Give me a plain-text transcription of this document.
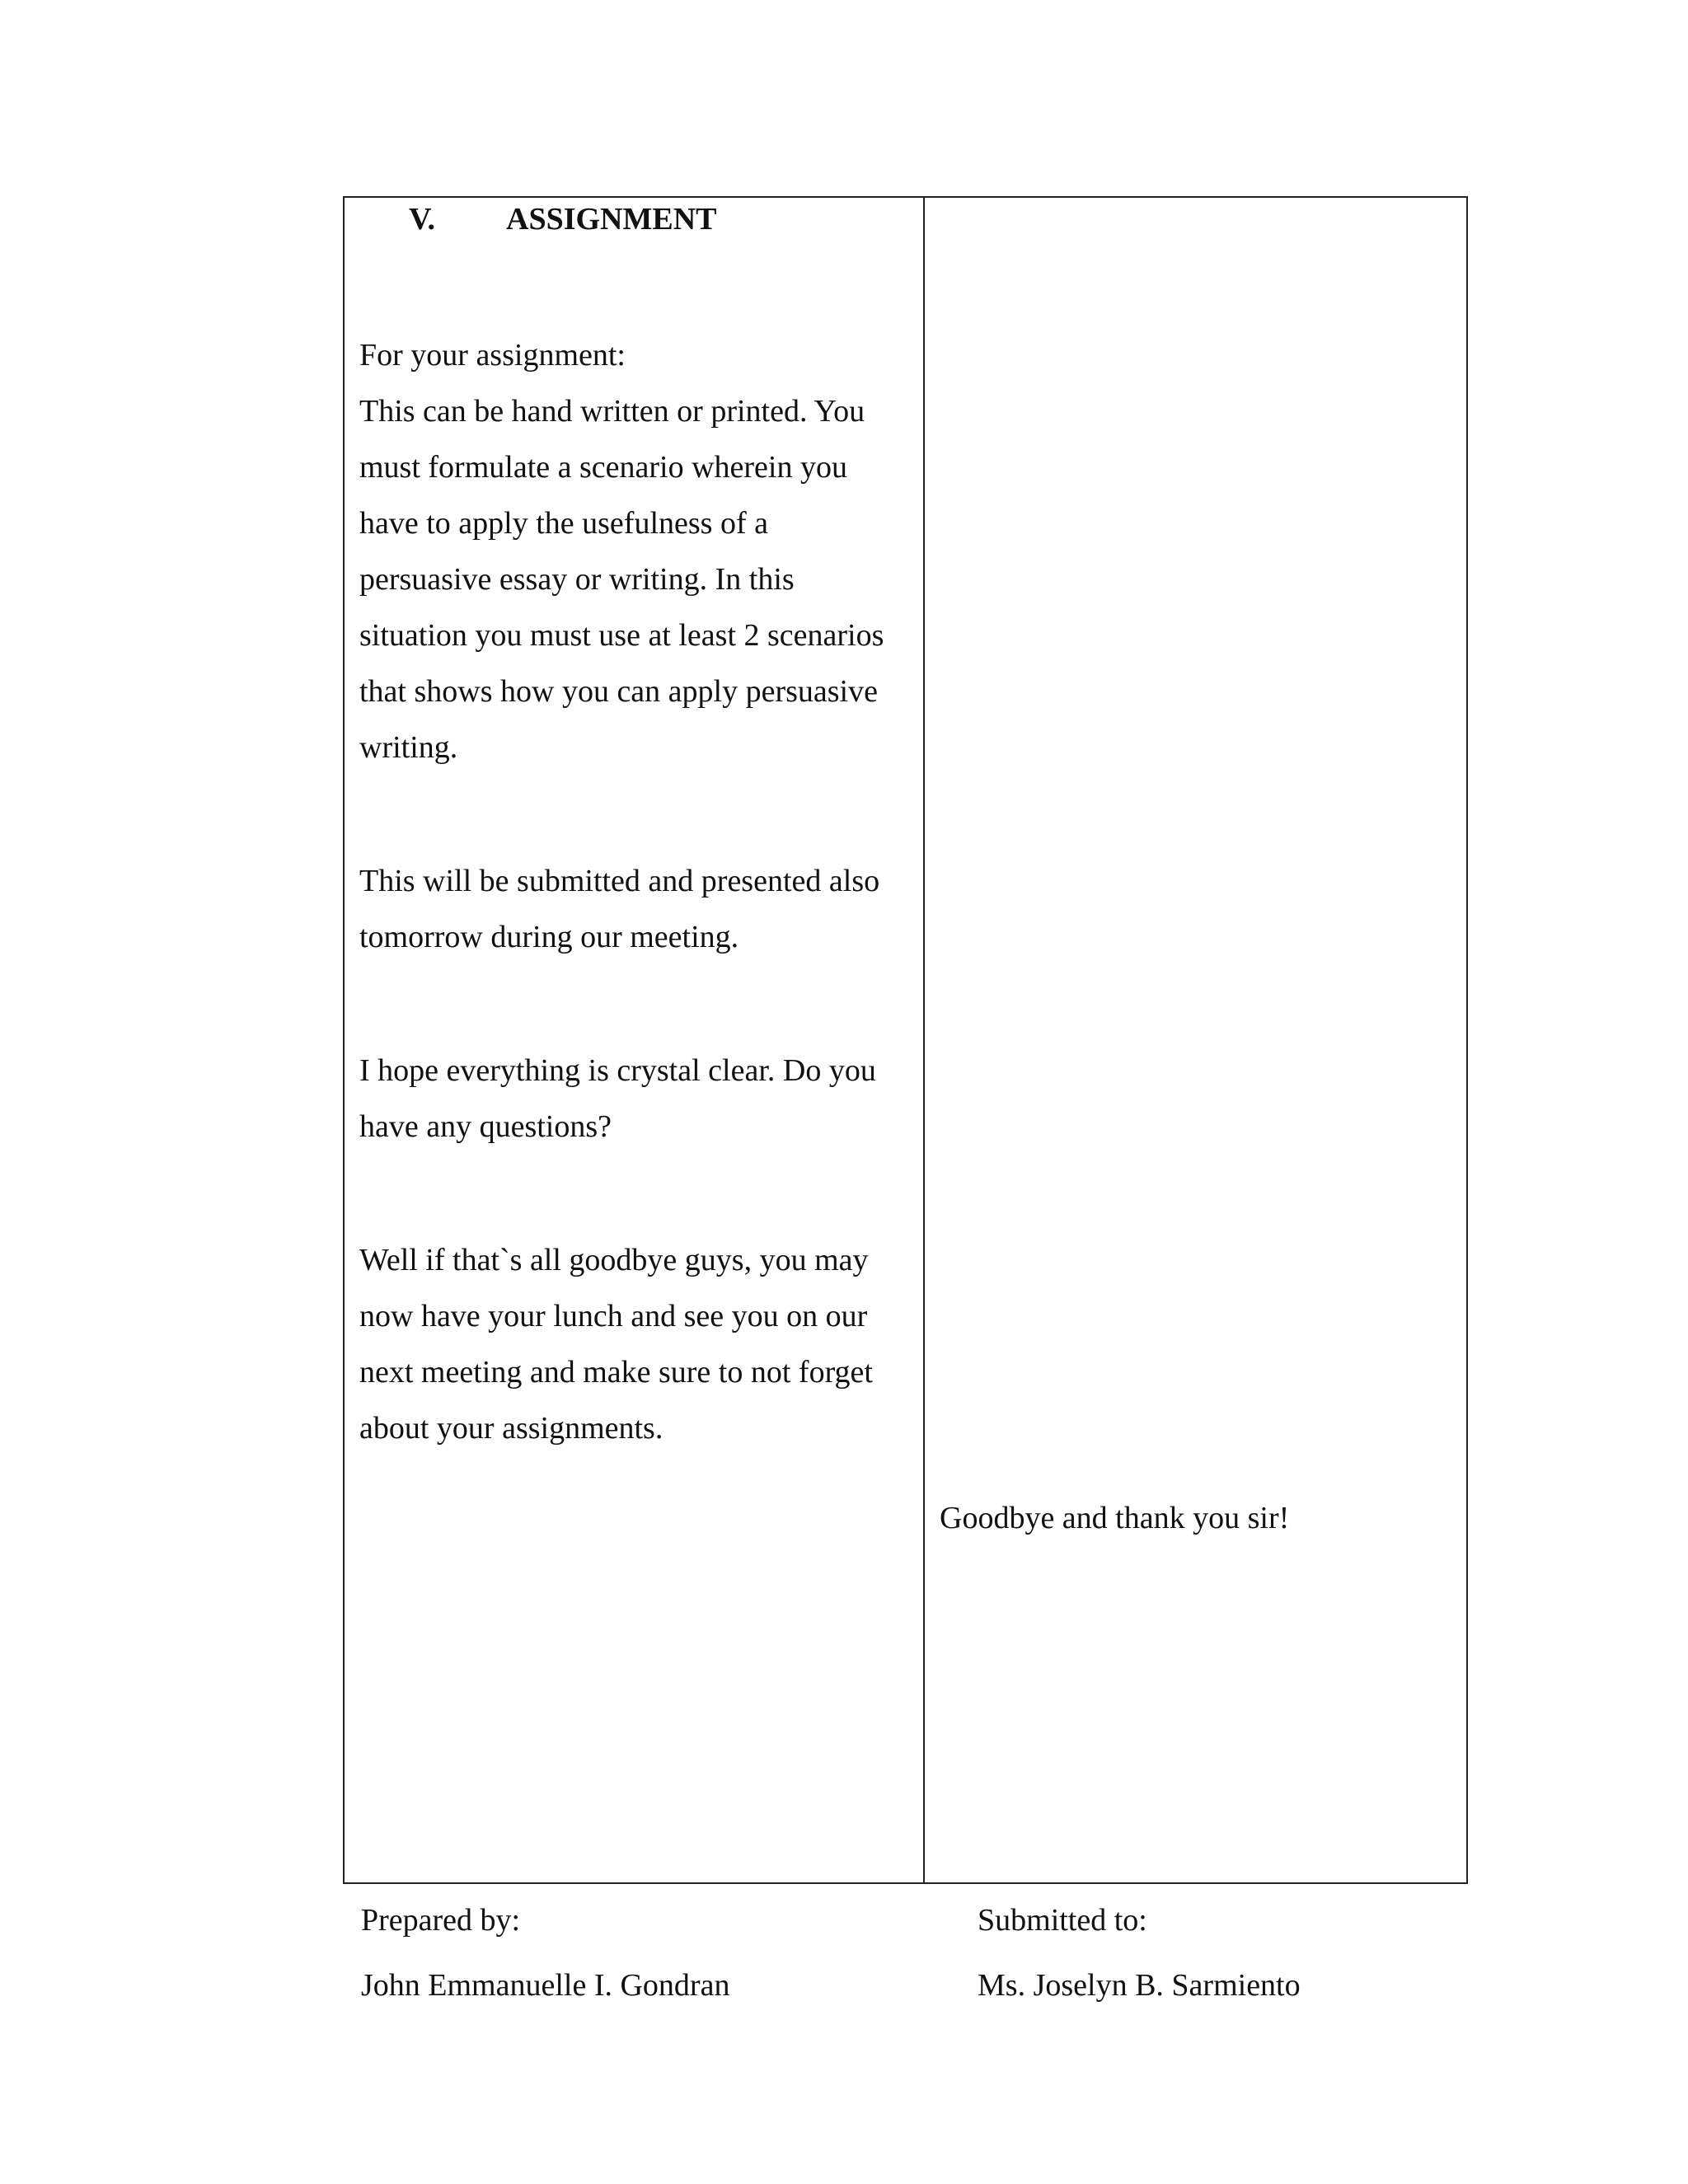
V. ASSIGNMENT

For your assignment:
This can be hand written or printed. You
must formulate a scenario wherein you
have to apply the usefulness of a
persuasive essay or writing. In this
situation you must use at least 2 scenarios
that shows how you can apply persuasive
writing.

This will be submitted and presented also
tomorrow during our meeting.

I hope everything is crystal clear. Do you
have any questions?

Well if that`s all goodbye guys, you may
now have your lunch and see you on our
next meeting and make sure to not forget
about your assignments.

Goodbye and thank you sir!

Prepared by:

John Emmanuelle I. Gondran

Submitted to:

Ms. Joselyn B. Sarmiento
